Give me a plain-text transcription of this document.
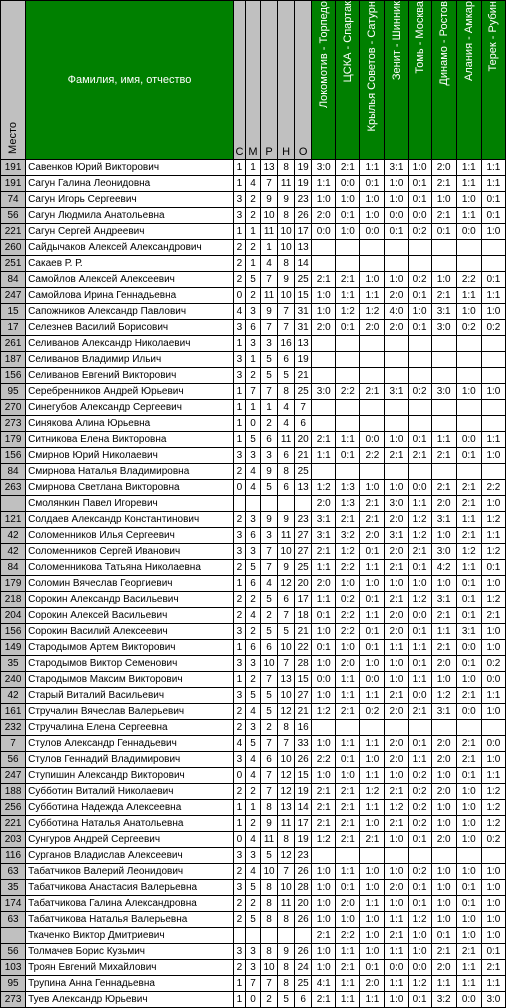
Место	Фамилия, имя, отчество	С	М	Р	Н	О	Локомотив - Торпедо	ЦСКА - Спартак	Крылья Советов - Сатурн	Зенит - Шинник	Томь - Москва	Динамо - Ростов	Алания - Амкар	Терек - Рубин
191	Савенков Юрий Викторович	1	1	13	8	19	3:0	2:1	1:1	3:1	1:0	2:0	1:1	1:1
191	Сагун Галина Леонидовна	1	4	7	11	19	1:1	0:0	0:1	1:0	0:1	2:1	1:1	1:1
74	Сагун Игорь Сергеевич	3	2	9	9	23	1:0	1:0	1:0	1:0	0:1	1:0	1:0	0:1
56	Сагун Людмила Анатольевна	3	2	10	8	26	2:0	0:1	1:0	0:0	0:0	2:1	1:1	0:1
221	Сагун Сергей Андреевич	1	1	11	10	17	0:0	1:0	0:0	0:1	0:2	0:1	0:0	1:0
260	Сайдычаков Алексей Александрович	2	2	1	10	13								
251	Сакаев Р. Р.	2	1	4	8	14								
84	Самойлов Алексей Алексеевич	2	5	7	9	25	2:1	2:1	1:0	1:0	0:2	1:0	2:2	0:1
247	Самойлова Ирина Геннадьевна	0	2	11	10	15	1:0	1:1	1:1	2:0	0:1	2:1	1:1	1:1
15	Сапожников Александр Павлович	4	3	9	7	31	1:0	1:2	1:2	4:0	1:0	3:1	1:0	1:0
17	Селезнев Василий Борисович	3	6	7	7	31	2:0	0:1	2:0	2:0	0:1	3:0	0:2	0:2
261	Селиванов Александр Николаевич	1	3	3	16	13								
187	Селиванов Владимир Ильич	3	1	5	6	19								
156	Селиванов Евгений Викторович	3	2	5	5	21								
95	Серебренников Андрей Юрьевич	1	7	7	8	25	3:0	2:2	2:1	3:1	0:2	3:0	1:0	1:0
270	Синегубов Александр Сергеевич	1	1	1	4	7								
273	Синякова Алина Юрьевна	1	0	2	4	6								
179	Ситникова Елена Викторовна	1	5	6	11	20	2:1	1:1	0:0	1:0	0:1	1:1	0:0	1:1
156	Смирнов Юрий Николаевич	3	3	3	6	21	1:1	0:1	2:2	2:1	2:1	2:1	0:1	1:0
84	Смирнова Наталья Владимировна	2	4	9	8	25								
263	Смирнова Светлана Викторовна	0	4	5	6	13	1:2	1:3	1:0	1:0	0:0	2:1	2:1	2:2
	Смолянкин Павел Игоревич						2:0	1:3	2:1	3:0	1:1	2:0	2:1	1:0
121	Солдаев Александр Константинович	2	3	9	9	23	3:1	2:1	2:1	2:0	1:2	3:1	1:1	1:2
42	Соломенников Илья Сергеевич	3	6	3	11	27	3:1	3:2	2:0	3:1	1:2	1:0	2:1	1:1
42	Соломенников Сергей Иванович	3	3	7	10	27	2:1	1:2	0:1	2:0	2:1	3:0	1:2	1:2
84	Соломенникова Татьяна Николаевна	2	5	7	9	25	1:1	2:2	1:1	2:1	0:1	4:2	1:1	0:1
179	Соломин Вячеслав Георгиевич	1	6	4	12	20	2:0	1:0	1:0	1:0	1:0	1:0	0:1	1:0
218	Сорокин Александр Васильевич	2	2	5	6	17	1:1	0:2	0:1	2:1	1:2	3:1	0:1	1:2
204	Сорокин Алексей Васильевич	2	4	2	7	18	0:1	2:2	1:1	2:0	0:0	2:1	0:1	2:1
156	Сорокин Василий Алексеевич	3	2	5	5	21	1:0	2:2	0:1	2:0	0:1	1:1	3:1	1:0
149	Стародымов Артем Викторович	1	6	6	10	22	0:1	1:0	0:1	1:1	1:1	2:1	0:0	1:0
35	Стародымов Виктор Семенович	3	3	10	7	28	1:0	2:0	1:0	1:0	0:1	2:0	0:1	0:2
240	Стародымов Максим Викторович	1	2	7	13	15	0:0	1:1	0:0	1:0	1:1	1:0	1:0	0:0
42	Старый Виталий Васильевич	3	5	5	10	27	1:0	1:1	1:1	2:1	0:0	1:2	2:1	1:1
161	Стручалин Вячеслав Валерьевич	2	4	5	12	21	1:2	2:1	0:2	2:0	2:1	3:1	0:0	1:0
232	Стручалина Елена Сергеевна	2	3	2	8	16								
7	Стулов Александр Геннадьевич	4	5	7	7	33	1:0	1:1	1:1	2:0	0:1	2:0	2:1	0:0
56	Стулов Геннадий Владимирович	3	4	6	10	26	2:2	0:1	1:0	2:0	1:1	2:0	2:1	1:0
247	Ступишин Александр Викторович	0	4	7	12	15	1:0	1:0	1:1	1:0	0:2	1:0	0:1	1:1
188	Субботин Виталий Николаевич	2	2	7	12	19	2:1	2:1	1:2	2:1	0:2	2:0	1:0	1:2
256	Субботина Надежда Алексеевна	1	1	8	13	14	2:1	2:1	1:1	1:2	0:2	1:0	1:0	1:2
221	Субботина Наталья Анатольевна	1	2	9	11	17	2:1	2:1	1:0	2:1	0:2	1:0	1:0	1:2
203	Сунгуров Андрей Сергеевич	0	4	11	8	19	1:2	2:1	2:1	1:0	0:1	2:0	1:0	0:2
116	Сурганов Владислав Алексеевич	3	3	5	12	23								
63	Табатчиков Валерий Леонидович	2	4	10	7	26	1:0	1:1	1:0	1:0	0:2	1:0	1:0	1:0
35	Табатчикова Анастасия Валерьевна	3	5	8	10	28	1:0	0:1	1:0	2:0	0:1	1:0	0:1	1:0
174	Табатчикова Галина Александровна	2	2	8	11	20	1:0	2:0	1:1	1:0	0:1	1:0	0:1	1:0
63	Табатчикова Наталья Валерьевна	2	5	8	8	26	1:0	1:0	1:0	1:1	1:2	1:0	1:0	1:0
	Ткаченко Виктор Дмитриевич						2:1	2:2	1:0	2:1	1:0	0:1	1:0	1:0
56	Толмачев Борис Кузьмич	3	3	8	9	26	1:0	1:1	1:0	1:1	1:0	2:1	2:1	0:1
103	Троян Евгений Михайлович	2	3	10	8	24	1:0	2:1	0:1	0:0	0:0	2:0	1:1	2:1
95	Трупина Анна Геннадьевна	1	7	7	8	25	4:1	1:1	2:0	1:1	1:2	1:1	1:1	1:1
273	Туев Александр Юрьевич	1	0	2	5	6	2:1	1:1	1:1	1:0	0:1	3:2	0:0	3:0
